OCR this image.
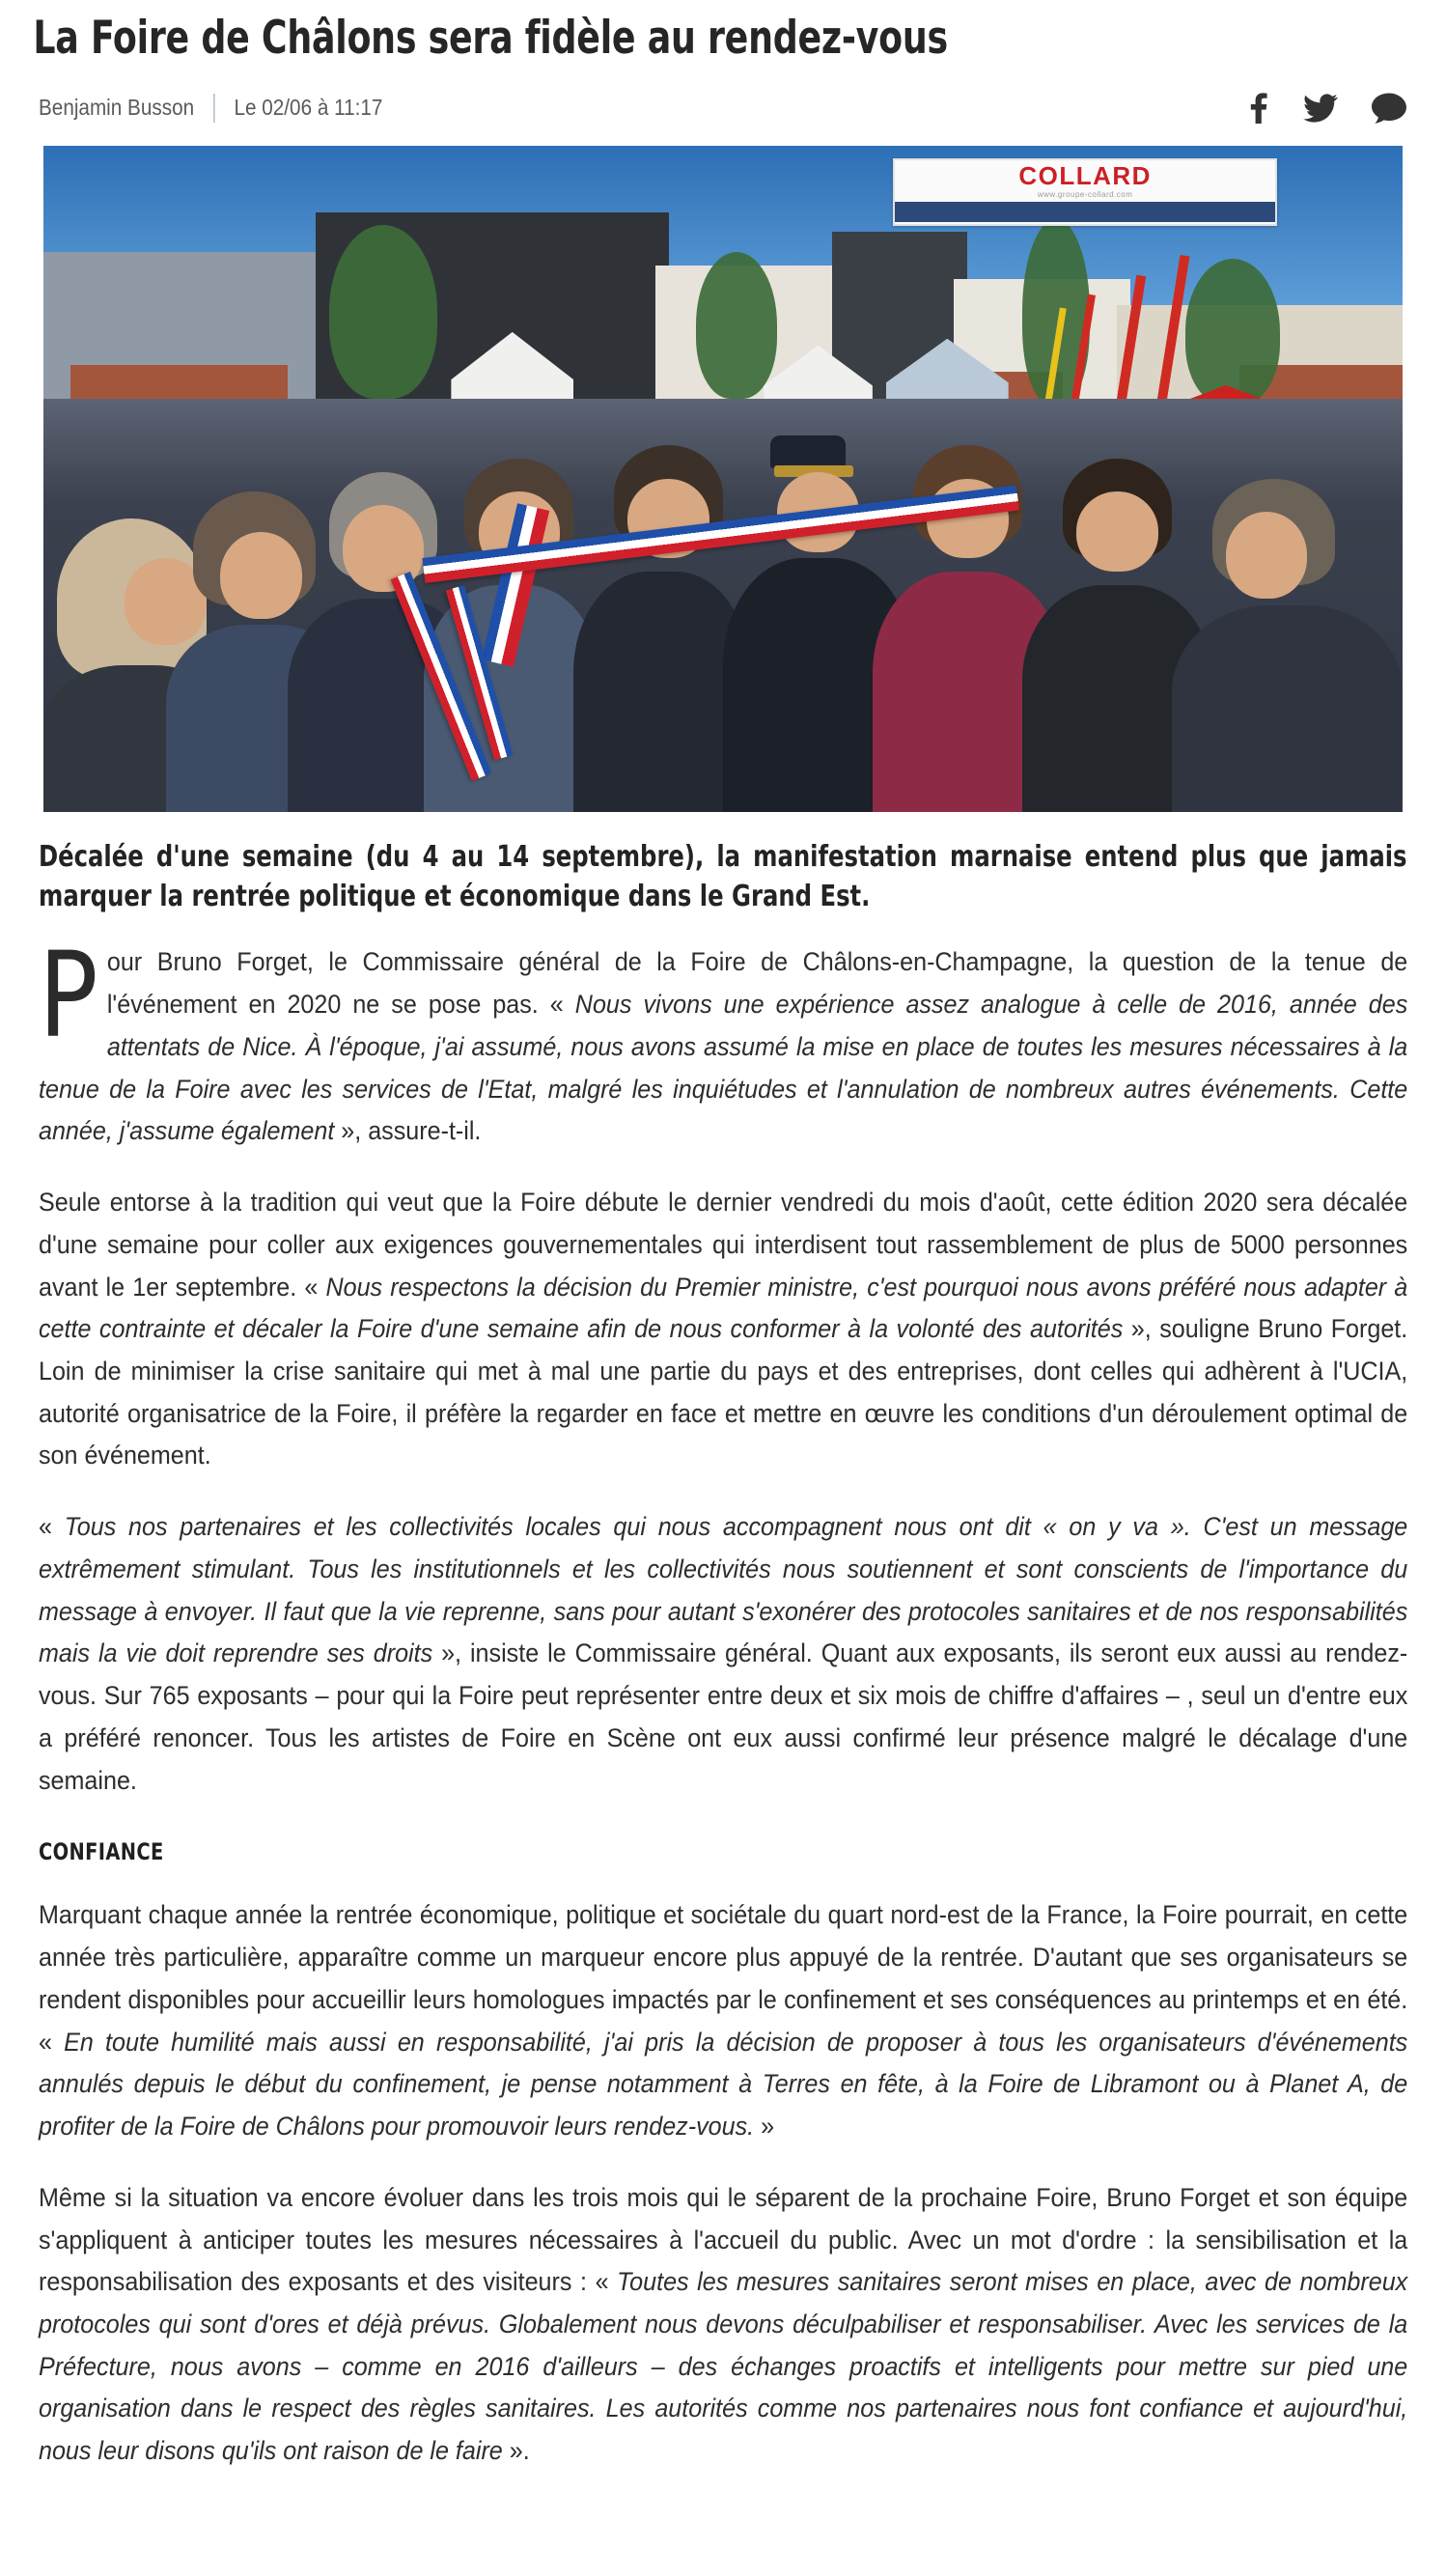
La Foire de Châlons sera fidèle au rendez-vous
Benjamin Busson Le 02/06 à 11:17
COLLARD
www.groupe-collard.com
Décalée d'une semaine (du 4 au 14 septembre), la manifestation marnaise entend plus que jamais marquer la rentrée politique et économique dans le Grand Est.

Pour Bruno Forget, le Commissaire général de la Foire de Châlons-en-Champagne, la question de la tenue de l'événement en 2020 ne se pose pas. « Nous vivons une expérience assez analogue à celle de 2016, année des attentats de Nice. À l'époque, j'ai assumé, nous avons assumé la mise en place de toutes les mesures nécessaires à la tenue de la Foire avec les services de l'Etat, malgré les inquiétudes et l'annulation de nombreux autres événements. Cette année, j'assume également », assure-t-il.

Seule entorse à la tradition qui veut que la Foire débute le dernier vendredi du mois d'août, cette édition 2020 sera décalée d'une semaine pour coller aux exigences gouvernementales qui interdisent tout rassemblement de plus de 5000 personnes avant le 1er septembre. « Nous respectons la décision du Premier ministre, c'est pourquoi nous avons préféré nous adapter à cette contrainte et décaler la Foire d'une semaine afin de nous conformer à la volonté des autorités », souligne Bruno Forget. Loin de minimiser la crise sanitaire qui met à mal une partie du pays et des entreprises, dont celles qui adhèrent à l'UCIA, autorité organisatrice de la Foire, il préfère la regarder en face et mettre en œuvre les conditions d'un déroulement optimal de son événement.

« Tous nos partenaires et les collectivités locales qui nous accompagnent nous ont dit « on y va ». C'est un message extrêmement stimulant. Tous les institutionnels et les collectivités nous soutiennent et sont conscients de l'importance du message à envoyer. Il faut que la vie reprenne, sans pour autant s'exonérer des protocoles sanitaires et de nos responsabilités mais la vie doit reprendre ses droits », insiste le Commissaire général. Quant aux exposants, ils seront eux aussi au rendez-vous. Sur 765 exposants – pour qui la Foire peut représenter entre deux et six mois de chiffre d'affaires – , seul un d'entre eux a préféré renoncer. Tous les artistes de Foire en Scène ont eux aussi confirmé leur présence malgré le décalage d'une semaine.

CONFIANCE

Marquant chaque année la rentrée économique, politique et sociétale du quart nord-est de la France, la Foire pourrait, en cette année très particulière, apparaître comme un marqueur encore plus appuyé de la rentrée. D'autant que ses organisateurs se rendent disponibles pour accueillir leurs homologues impactés par le confinement et ses conséquences au printemps et en été. « En toute humilité mais aussi en responsabilité, j'ai pris la décision de proposer à tous les organisateurs d'événements annulés depuis le début du confinement, je pense notamment à Terres en fête, à la Foire de Libramont ou à Planet A, de profiter de la Foire de Châlons pour promouvoir leurs rendez-vous. »

Même si la situation va encore évoluer dans les trois mois qui le séparent de la prochaine Foire, Bruno Forget et son équipe s'appliquent à anticiper toutes les mesures nécessaires à l'accueil du public. Avec un mot d'ordre : la sensibilisation et la responsabilisation des exposants et des visiteurs : « Toutes les mesures sanitaires seront mises en place, avec de nombreux protocoles qui sont d'ores et déjà prévus. Globalement nous devons déculpabiliser et responsabiliser. Avec les services de la Préfecture, nous avons – comme en 2016 d'ailleurs – des échanges proactifs et intelligents pour mettre sur pied une organisation dans le respect des règles sanitaires. Les autorités comme nos partenaires nous font confiance et aujourd'hui, nous leur disons qu'ils ont raison de le faire ».
